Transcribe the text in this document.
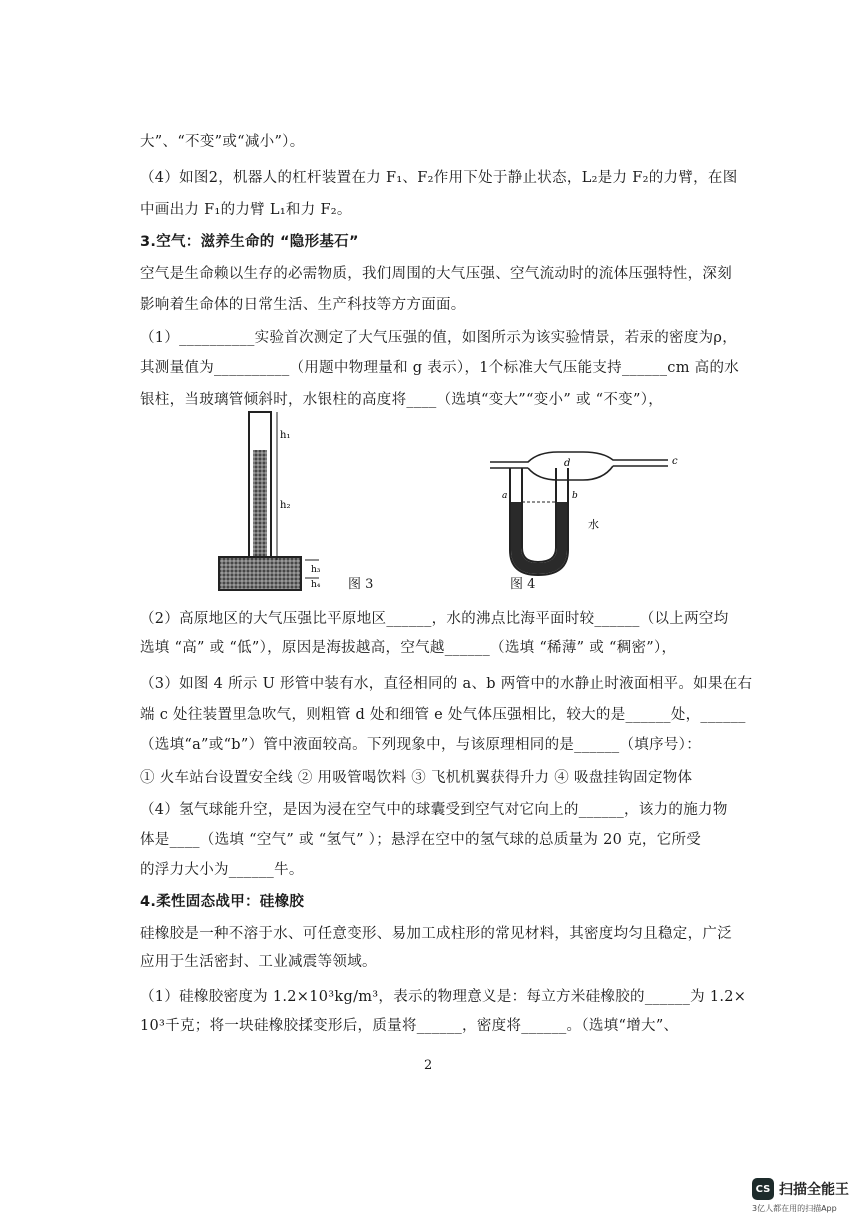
大”、“不变”或“减小”）。
（4）如图2，机器人的杠杆装置在力 F₁、F₂作用下处于静止状态，L₂是力 F₂的力臂，在图
中画出力 F₁的力臂 L₁和力 F₂。
3.空气：滋养生命的 “隐形基石”
空气是生命赖以生存的必需物质，我们周围的大气压强、空气流动时的流体压强特性，深刻
影响着生命体的日常生活、生产科技等方方面面。
（1）__________实验首次测定了大气压强的值，如图所示为该实验情景，若汞的密度为ρ，
其测量值为__________（用题中物理量和 g 表示），1个标准大气压能支持______cm 高的水
银柱，当玻璃管倾斜时，水银柱的高度将____（选填“变大”“变小” 或 “不变”），
h₁
h₂
h₃
h₄ 图 3
d	c
a	b
水
图 4
（2）高原地区的大气压强比平原地区______，水的沸点比海平面时较______（以上两空均
选填 “高” 或 “低”），原因是海拔越高，空气越______（选填 “稀薄” 或 “稠密”），
（3）如图 4 所示 U 形管中装有水，直径相同的 a、b 两管中的水静止时液面相平。如果在右
端 c 处往装置里急吹气，则粗管 d 处和细管 e 处气体压强相比，较大的是______处，______
（选填“a”或“b”）管中液面较高。下列现象中，与该原理相同的是______（填序号）：
① 火车站台设置安全线 ② 用吸管喝饮料 ③ 飞机机翼获得升力 ④ 吸盘挂钩固定物体
（4）氢气球能升空，是因为浸在空气中的球囊受到空气对它向上的______，该力的施力物
体是____（选填 “空气” 或 “氢气” ）；悬浮在空中的氢气球的总质量为 20 克，它所受
的浮力大小为______牛。
4.柔性固态战甲：硅橡胶
硅橡胶是一种不溶于水、可任意变形、易加工成柱形的常见材料，其密度均匀且稳定，广泛
应用于生活密封、工业减震等领域。
（1）硅橡胶密度为 1.2×10³kg/m³，表示的物理意义是：每立方米硅橡胶的______为 1.2×
10³千克；将一块硅橡胶揉变形后，质量将______，密度将______。（选填“增大”、
2
CS 扫描全能王
3亿人都在用的扫描App
